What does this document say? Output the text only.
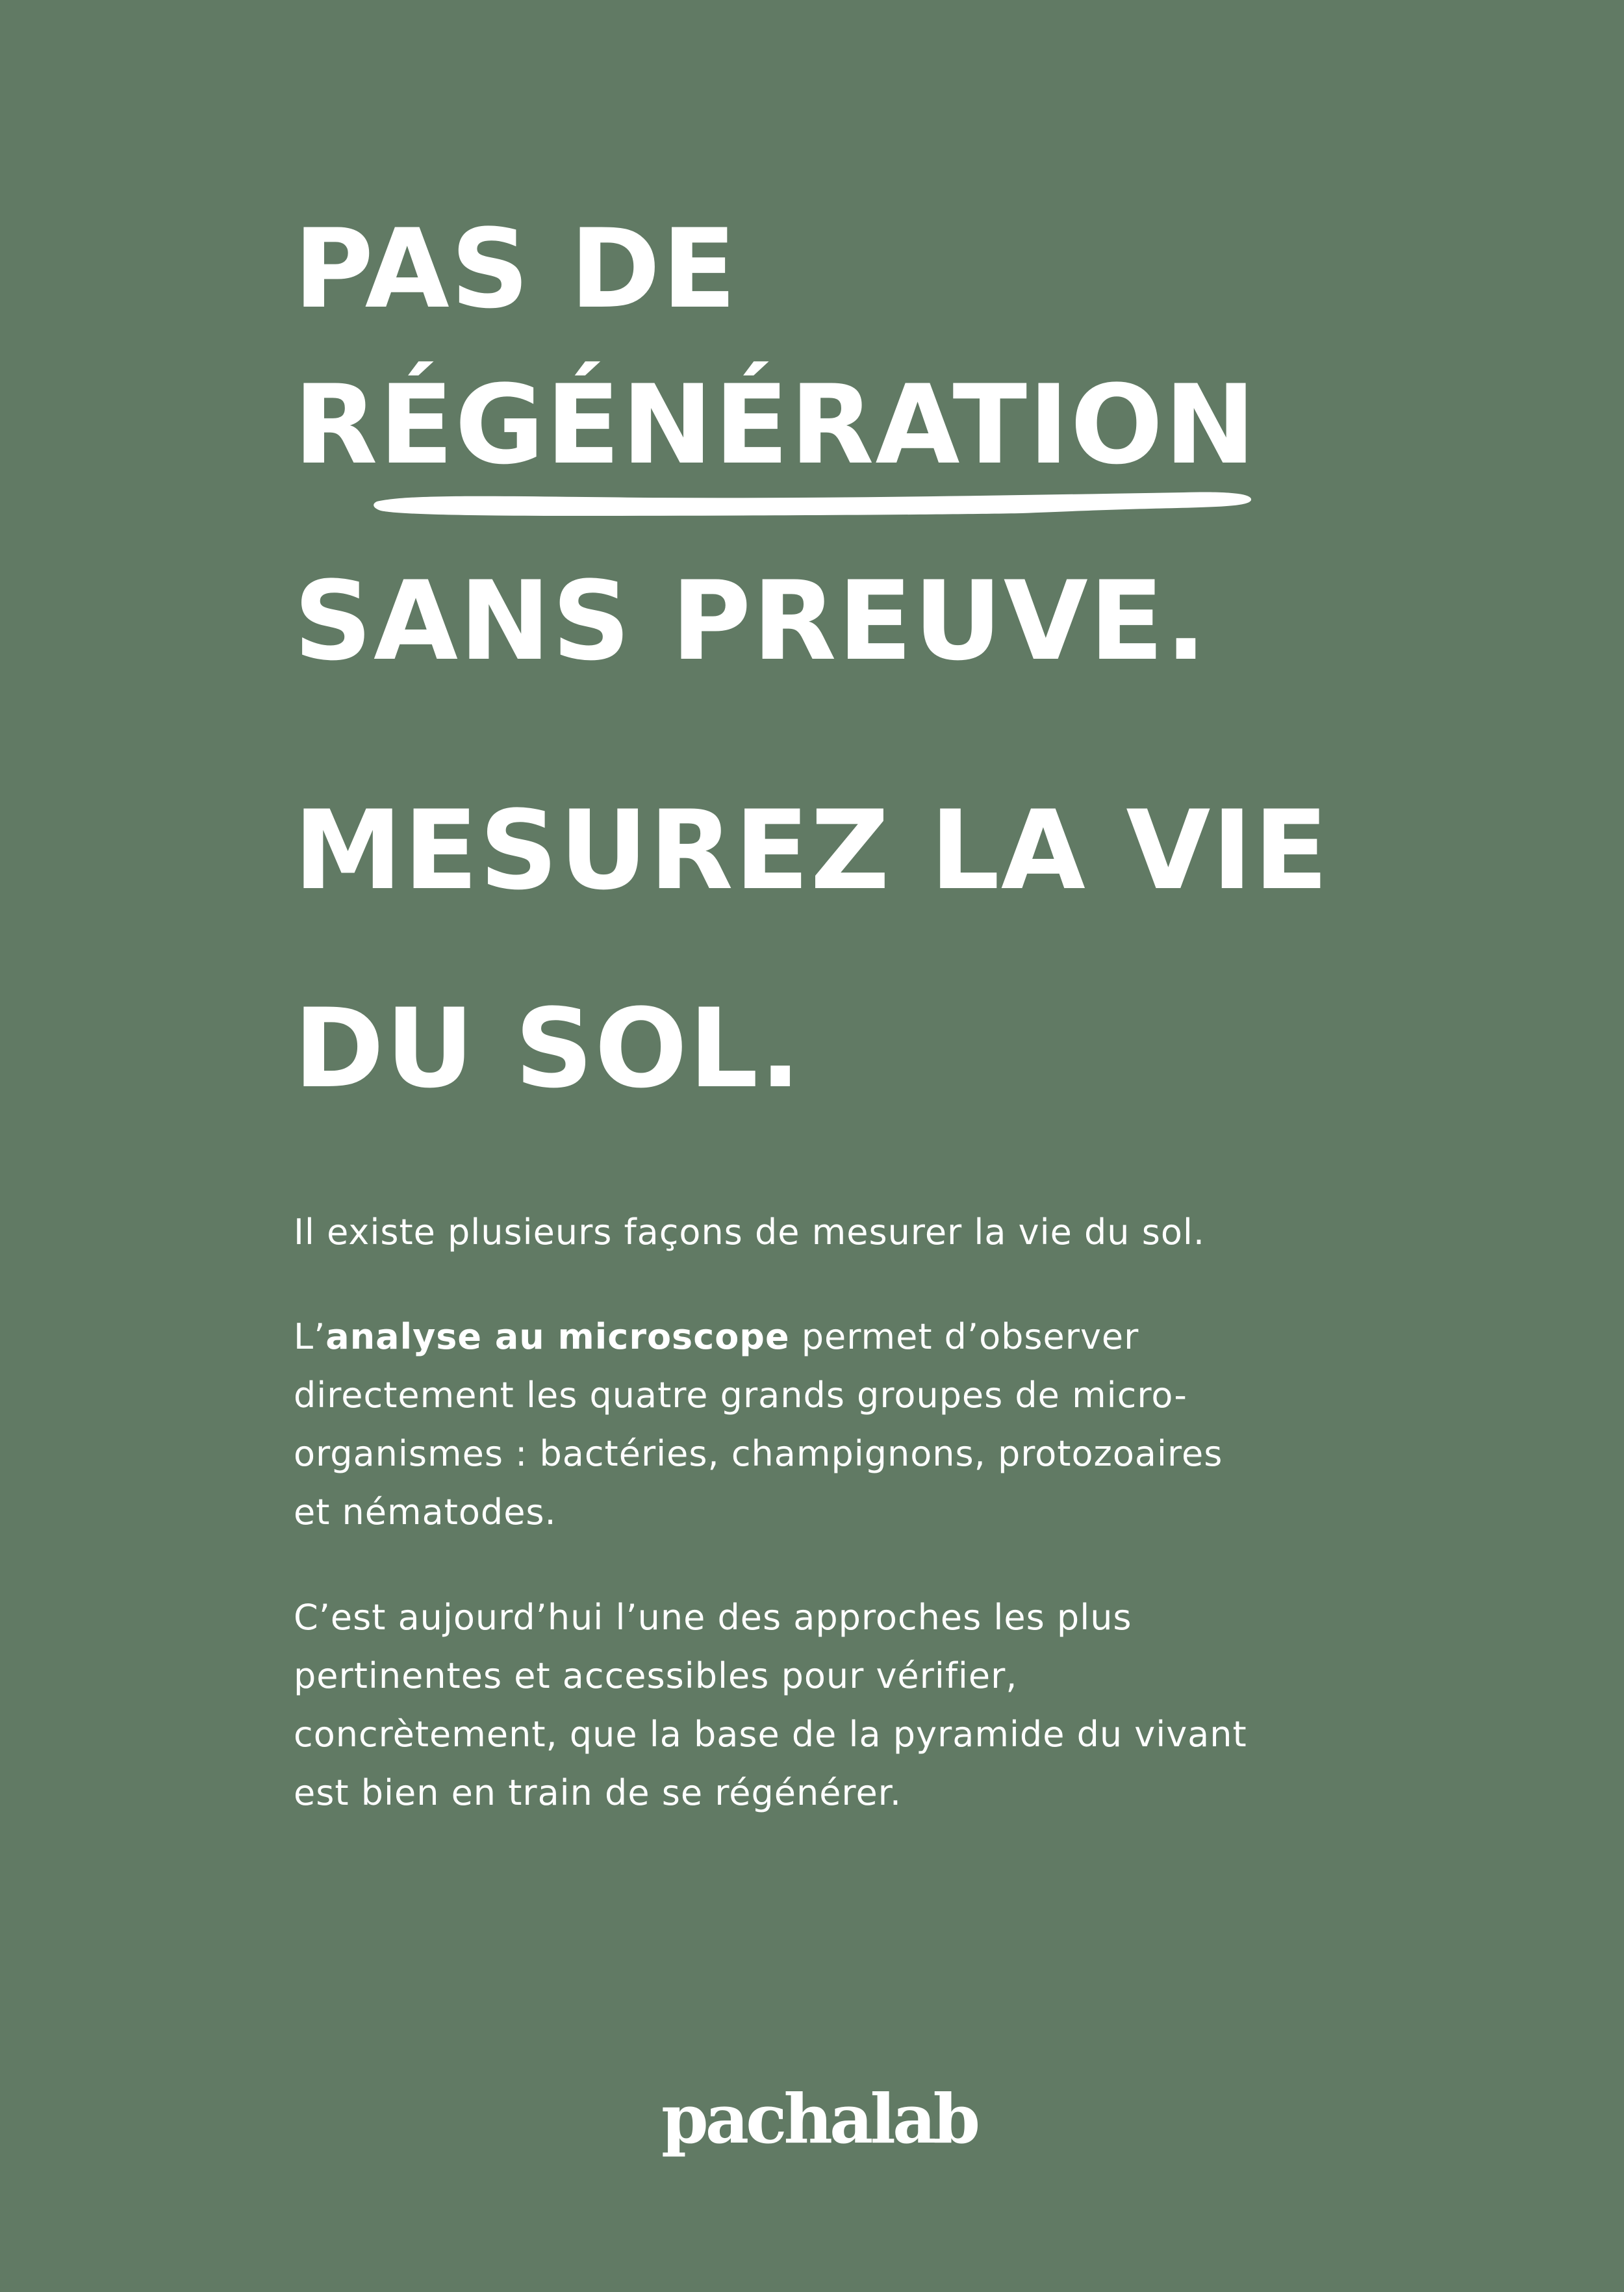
PAS DE
RÉGÉNÉRATION
SANS PREUVE.
MESUREZ LA VIE
DU SOL.

Il existe plusieurs façons de mesurer la vie du sol.

L’analyse au microscope permet d’observer
directement les quatre grands groupes de micro-
organismes : bactéries, champignons, protozoaires
et nématodes.

C’est aujourd’hui l’une des approches les plus
pertinentes et accessibles pour vérifier,
concrètement, que la base de la pyramide du vivant
est bien en train de se régénérer.

pachalab
